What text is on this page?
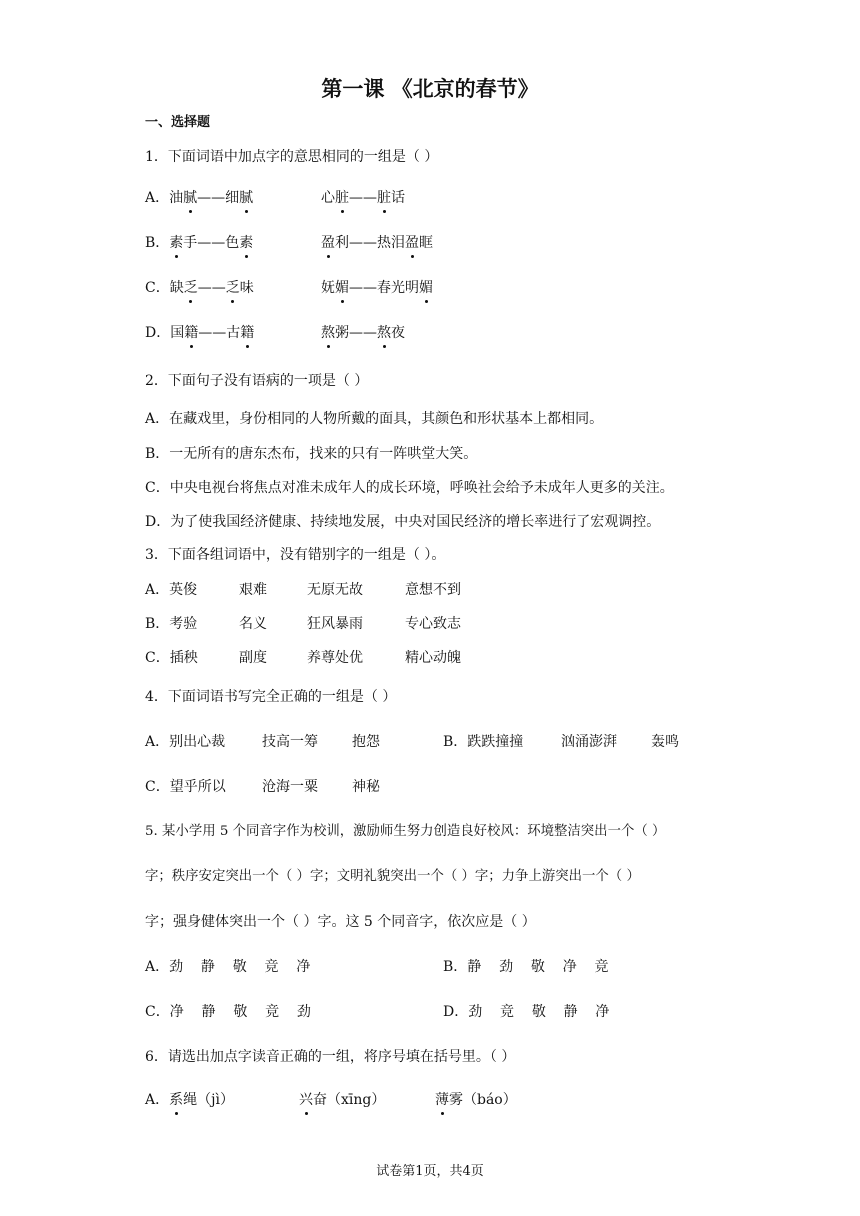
第一课 《北京的春节》
一、选择题
1．下面词语中加点字的意思相同的一组是（ ）
A．油腻——细腻	心脏——脏话
B．素手——色素	盈利——热泪盈眶
C．缺乏——乏味	妩媚——春光明媚
D．国籍——古籍	熬粥——熬夜
2．下面句子没有语病的一项是（ ）
A．在藏戏里，身份相同的人物所戴的面具，其颜色和形状基本上都相同。
B．一无所有的唐东杰布，找来的只有一阵哄堂大笑。
C．中央电视台将焦点对准未成年人的成长环境，呼唤社会给予未成年人更多的关注。
D．为了使我国经济健康、持续地发展，中央对国民经济的增长率进行了宏观调控。
3．下面各组词语中，没有错别字的一组是（ ）。
A．英俊	艰难	无原无故	意想不到
B．考验	名义	狂风暴雨	专心致志
C．插秧	副度	养尊处优	精心动魄
4．下面词语书写完全正确的一组是（ ）
A．别出心裁	技高一筹 抱怨	B．跌跌撞撞	汹涌澎湃 轰鸣
C．望乎所以	沧海一粟 神秘
5. 某小学用 5 个同音字作为校训，激励师生努力创造良好校风：环境整洁突出一个（ ）
字；秩序安定突出一个（ ）字；文明礼貌突出一个（ ）字；力争上游突出一个（ ）
字；强身健体突出一个（ ）字。这 5 个同音字，依次应是（ ）
A．劲    静    敬    竞    净	B．静    劲    敬    净    竞
C．净    静    敬    竞    劲	D．劲    竞    敬    静    净
6．请选出加点字读音正确的一组，将序号填在括号里。（ ）
A．系绳（jì）	兴奋（xīng）	薄雾（báo）
试卷第1页，共4页
